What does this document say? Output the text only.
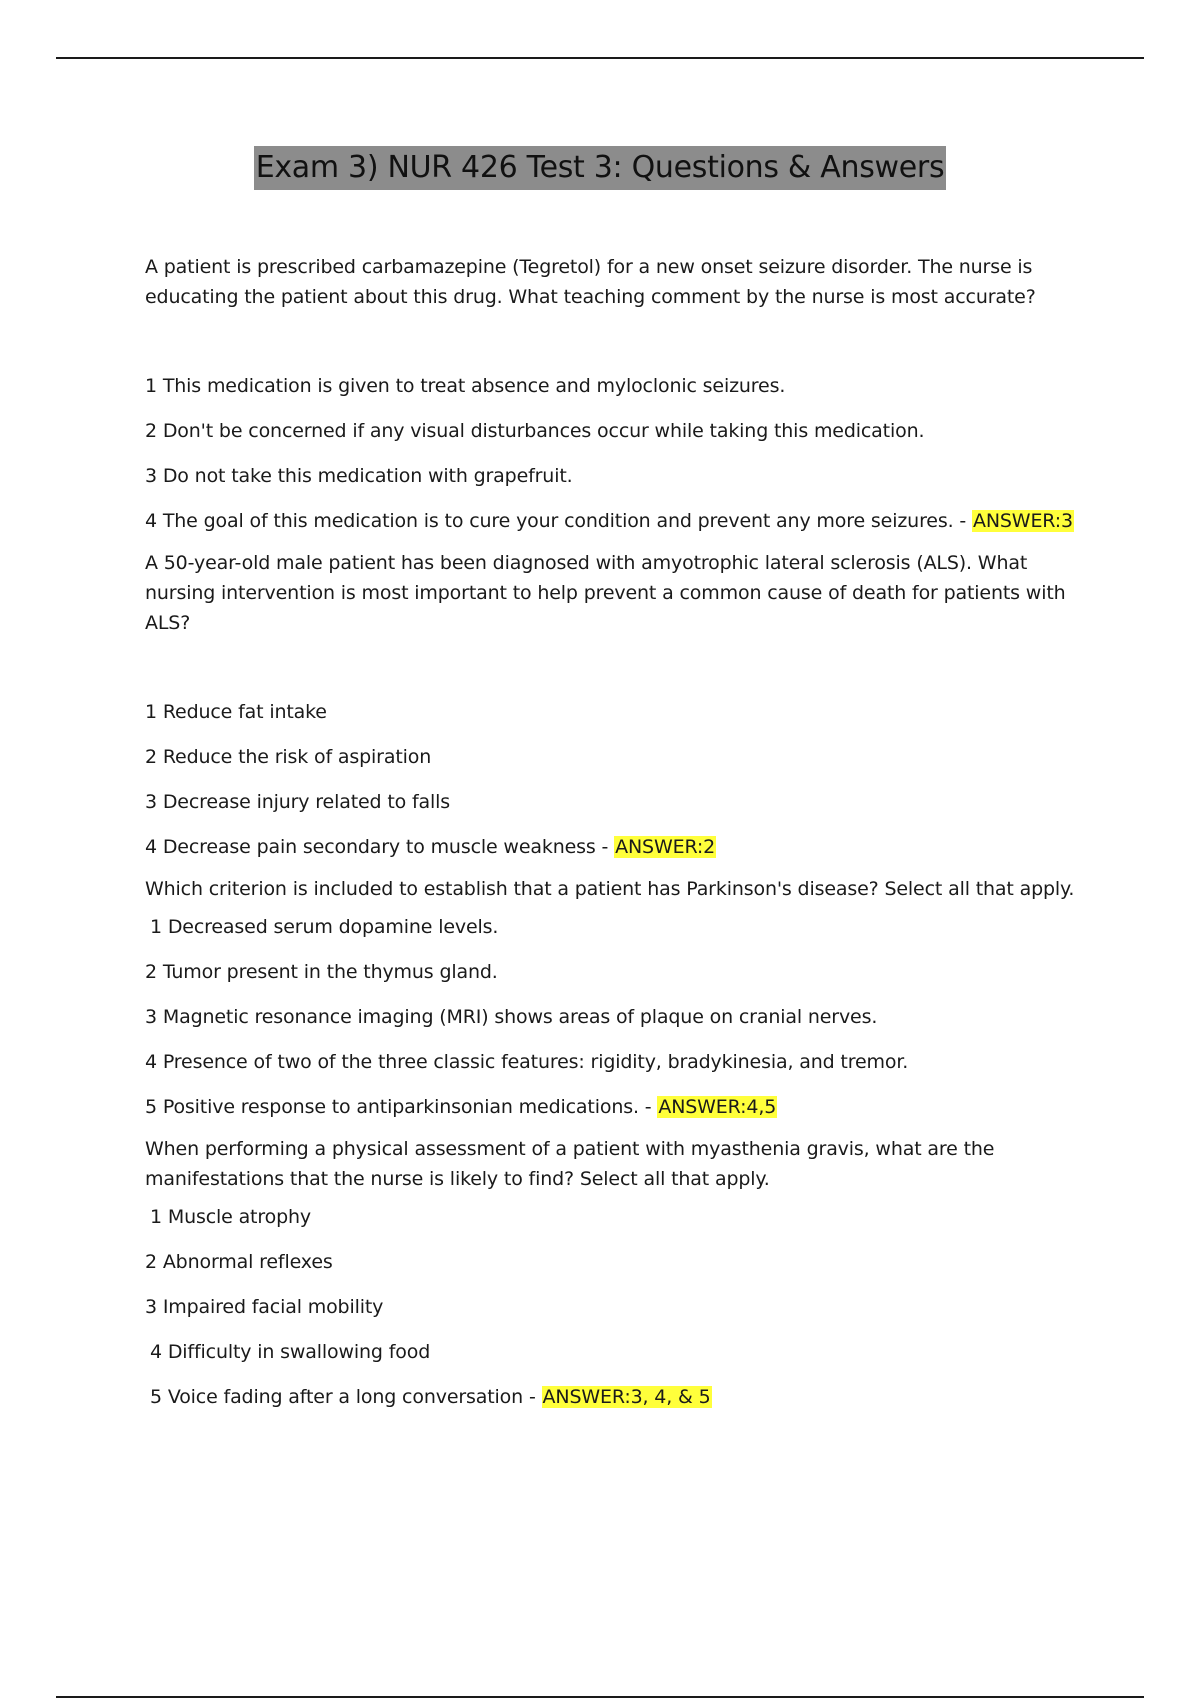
Exam 3) NUR 426 Test 3: Questions & Answers

A patient is prescribed carbamazepine (Tegretol) for a new onset seizure disorder. The nurse is educating the patient about this drug. What teaching comment by the nurse is most accurate?

1 This medication is given to treat absence and myloclonic seizures.

2 Don't be concerned if any visual disturbances occur while taking this medication.

3 Do not take this medication with grapefruit.

4 The goal of this medication is to cure your condition and prevent any more seizures. - ANSWER:3

A 50-year-old male patient has been diagnosed with amyotrophic lateral sclerosis (ALS). What nursing intervention is most important to help prevent a common cause of death for patients with ALS?

1 Reduce fat intake

2 Reduce the risk of aspiration

3 Decrease injury related to falls

4 Decrease pain secondary to muscle weakness - ANSWER:2

Which criterion is included to establish that a patient has Parkinson's disease? Select all that apply.

1 Decreased serum dopamine levels.

2 Tumor present in the thymus gland.

3 Magnetic resonance imaging (MRI) shows areas of plaque on cranial nerves.

4 Presence of two of the three classic features: rigidity, bradykinesia, and tremor.

5 Positive response to antiparkinsonian medications. - ANSWER:4,5

When performing a physical assessment of a patient with myasthenia gravis, what are the manifestations that the nurse is likely to find? Select all that apply.

1 Muscle atrophy

2 Abnormal reflexes

3 Impaired facial mobility

4 Difficulty in swallowing food

5 Voice fading after a long conversation - ANSWER:3, 4, & 5
